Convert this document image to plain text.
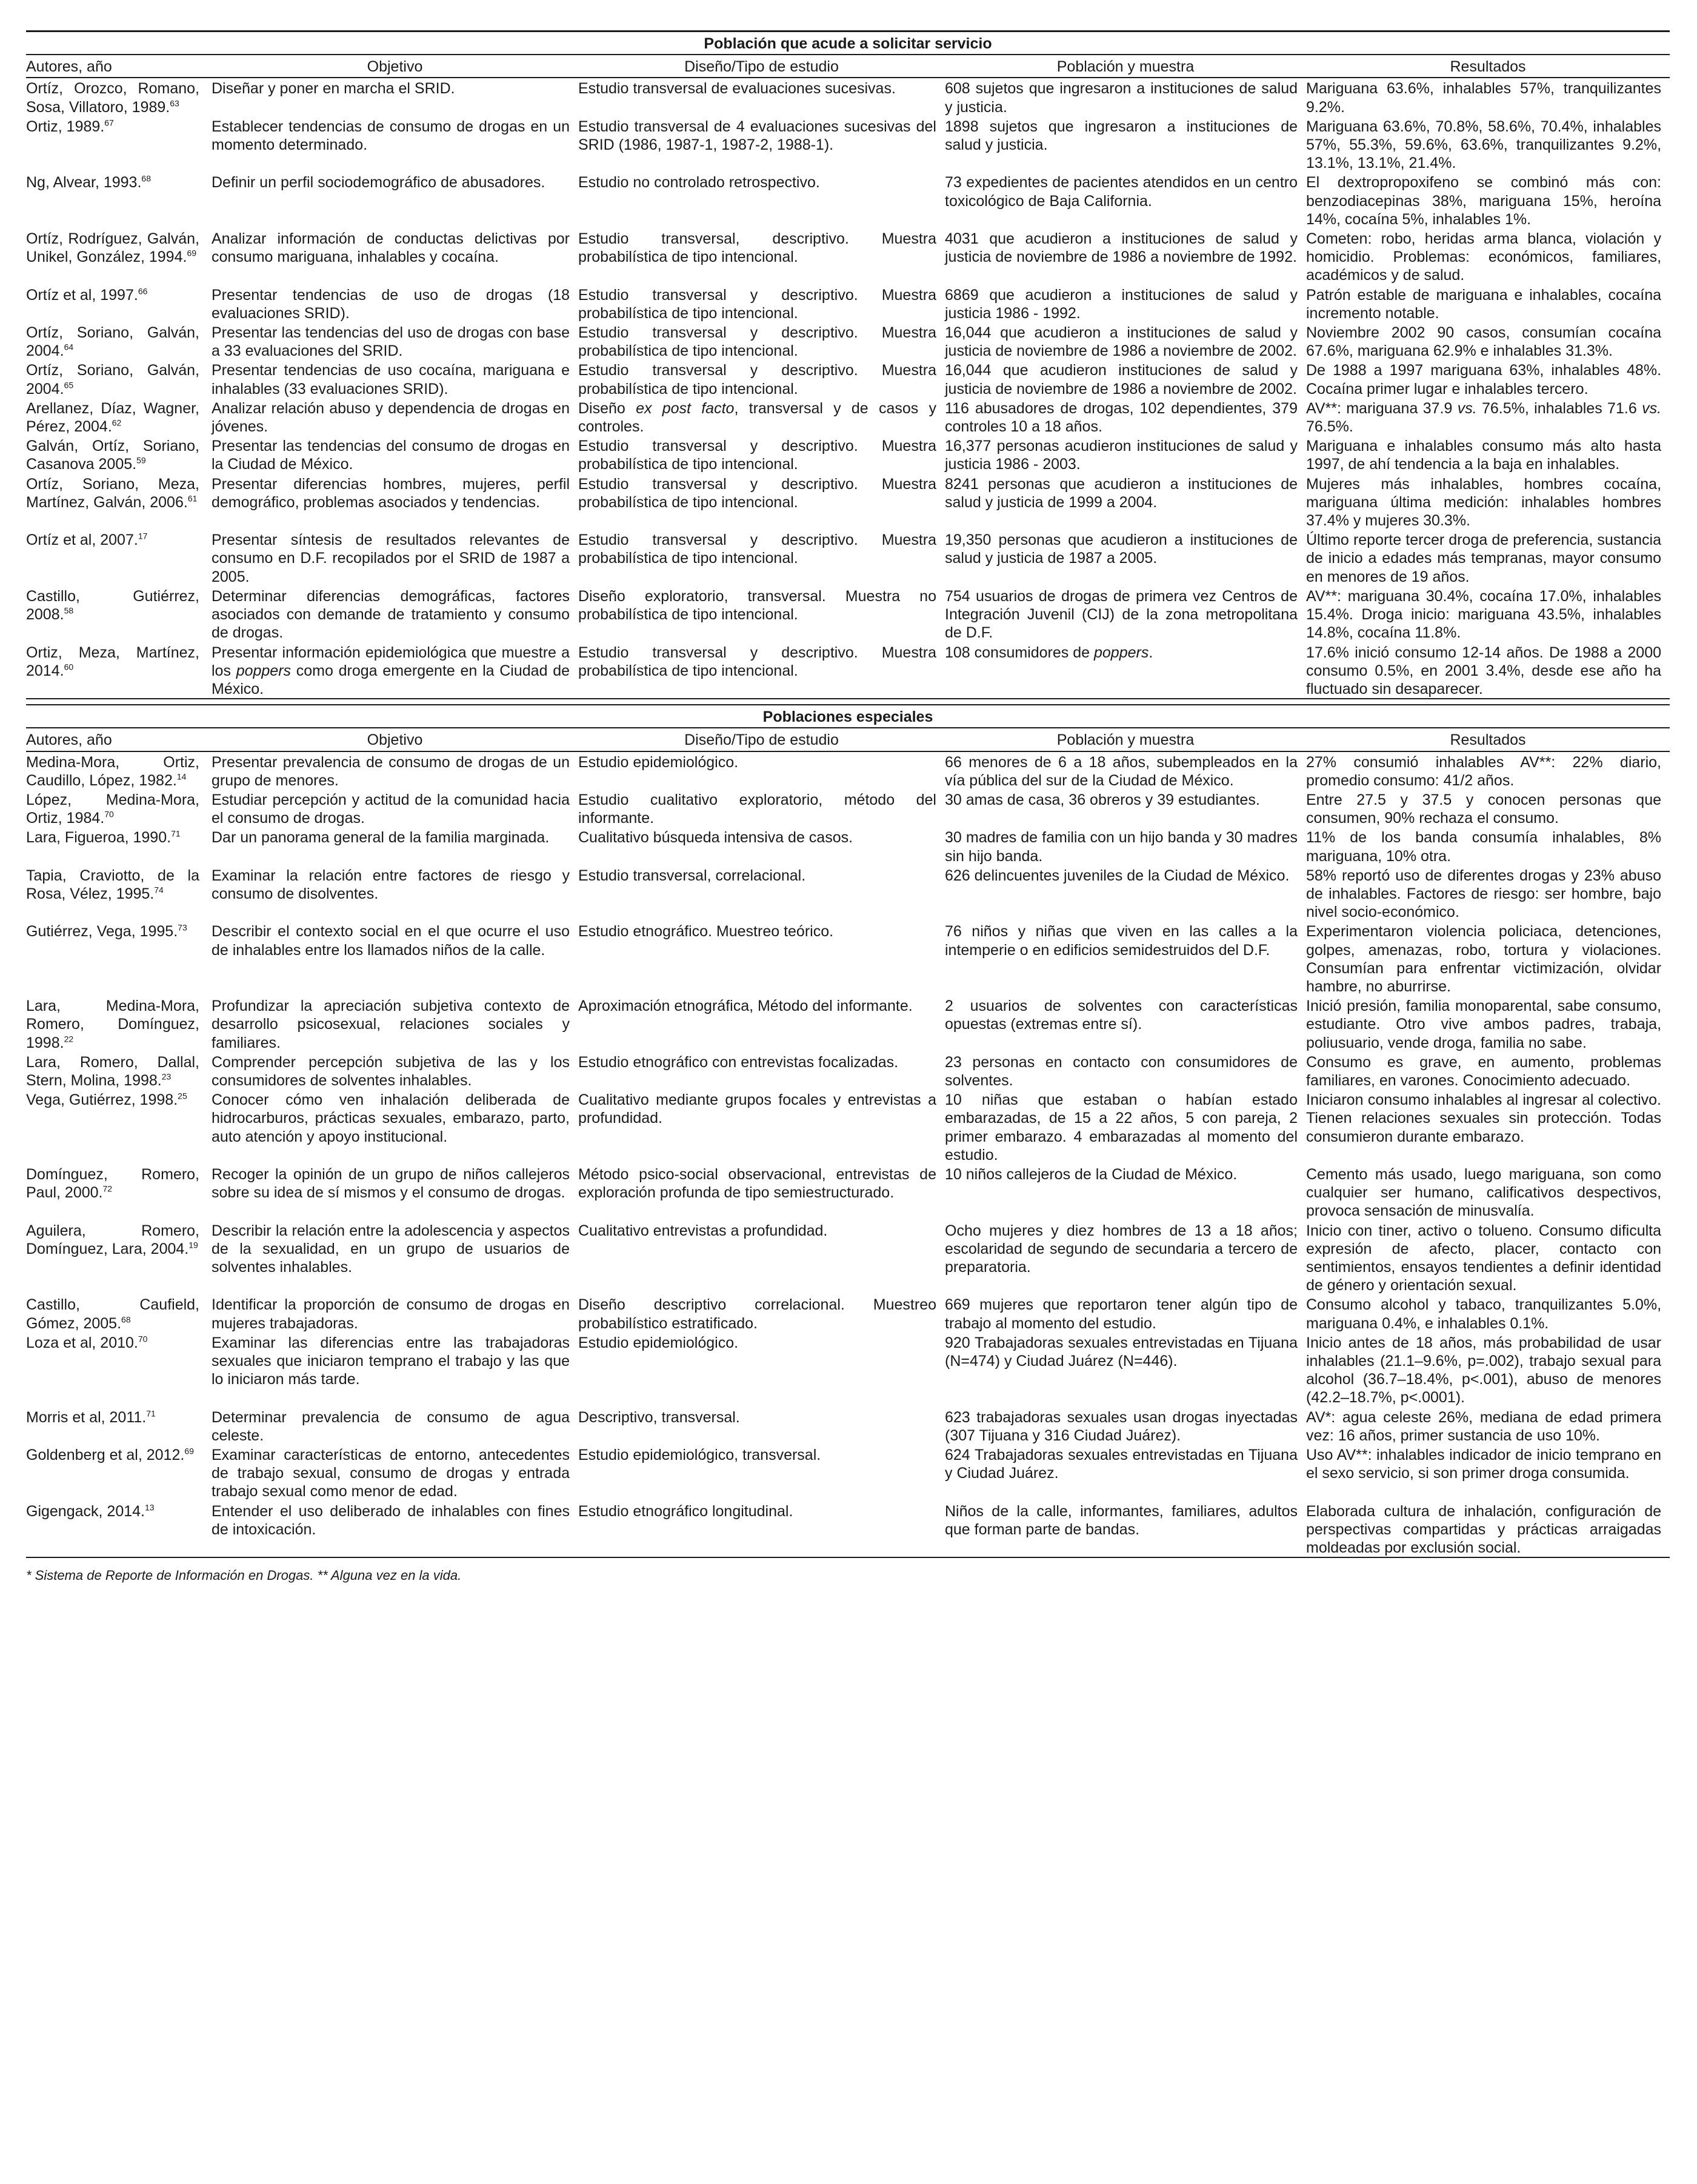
Población que acude a solicitar servicio				
Autores, año	Objetivo	Diseño/Tipo de estudio	Población y muestra	Resultados
Ortíz, Orozco, Romano, Sosa, Villatoro, 1989.63	Diseñar y poner en marcha el SRID.	Estudio transversal de evaluaciones sucesivas.	608 sujetos que ingresaron a instituciones de salud y justicia.	Mariguana 63.6%, inhalables 57%, tranquilizantes 9.2%.
Ortiz, 1989.67	Establecer tendencias de consumo de drogas en un momento determinado.	Estudio transversal de 4 evaluaciones sucesivas del SRID (1986, 1987-1, 1987-2, 1988-1).	1898 sujetos que ingresaron a instituciones de salud y justicia.	Mariguana 63.6%, 70.8%, 58.6%, 70.4%, inhalables 57%, 55.3%, 59.6%, 63.6%, tranquilizantes 9.2%, 13.1%, 13.1%, 21.4%.
Ng, Alvear, 1993.68	Definir un perfil sociodemográfico de abusadores.	Estudio no controlado retrospectivo.	73 expedientes de pacientes atendidos en un centro toxicológico de Baja California.	El dextropropoxifeno se combinó más con: benzodiacepinas 38%, mariguana 15%, heroína 14%, cocaína 5%, inhalables 1%.
Ortíz, Rodríguez, Galván, Unikel, González, 1994.69	Analizar información de conductas delictivas por consumo mariguana, inhalables y cocaína.	Estudio transversal, descriptivo. Muestra probabilística de tipo intencional.	4031 que acudieron a instituciones de salud y justicia de noviembre de 1986 a noviembre de 1992.	Cometen: robo, heridas arma blanca, violación y homicidio. Problemas: económicos, familiares, académicos y de salud.
Ortíz et al, 1997.66	Presentar tendencias de uso de drogas (18 evaluaciones SRID).	Estudio transversal y descriptivo. Muestra probabilística de tipo intencional.	6869 que acudieron a instituciones de salud y justicia 1986 - 1992.	Patrón estable de mariguana e inhalables, cocaína incremento notable.
Ortíz, Soriano, Galván, 2004.64	Presentar las tendencias del uso de drogas con base a 33 evaluaciones del SRID.	Estudio transversal y descriptivo. Muestra probabilística de tipo intencional.	16,044 que acudieron a instituciones de salud y justicia de noviembre de 1986 a noviembre de 2002.	Noviembre 2002 90 casos, consumían cocaína 67.6%, mariguana 62.9% e inhalables 31.3%.
Ortíz, Soriano, Galván, 2004.65	Presentar tendencias de uso cocaína, mariguana e inhalables (33 evaluaciones SRID).	Estudio transversal y descriptivo. Muestra probabilística de tipo intencional.	16,044 que acudieron instituciones de salud y justicia de noviembre de 1986 a noviembre de 2002.	De 1988 a 1997 mariguana 63%, inhalables 48%. Cocaína primer lugar e inhalables tercero.
Arellanez, Díaz, Wagner, Pérez, 2004.62	Analizar relación abuso y dependencia de drogas en jóvenes.	Diseño ex post facto, transversal y de casos y controles.	116 abusadores de drogas, 102 dependientes, 379 controles 10 a 18 años.	AV**: mariguana 37.9 vs. 76.5%, inhalables 71.6 vs. 76.5%.
Galván, Ortíz, Soriano, Casanova 2005.59	Presentar las tendencias del consumo de drogas en la Ciudad de México.	Estudio transversal y descriptivo. Muestra probabilística de tipo intencional.	16,377 personas acudieron instituciones de salud y justicia 1986 - 2003.	Mariguana e inhalables consumo más alto hasta 1997, de ahí tendencia a la baja en inhalables.
Ortíz, Soriano, Meza, Martínez, Galván, 2006.61	Presentar diferencias hombres, mujeres, perfil demográfico, problemas asociados y tendencias.	Estudio transversal y descriptivo. Muestra probabilística de tipo intencional.	8241 personas que acudieron a instituciones de salud y justicia de 1999 a 2004.	Mujeres más inhalables, hombres cocaína, mariguana última medición: inhalables hombres 37.4% y mujeres 30.3%.
Ortíz et al, 2007.17	Presentar síntesis de resultados relevantes de consumo en D.F. recopilados por el SRID de 1987 a 2005.	Estudio transversal y descriptivo. Muestra probabilística de tipo intencional.	19,350 personas que acudieron a instituciones de salud y justicia de 1987 a 2005.	Último reporte tercer droga de preferencia, sustancia de inicio a edades más tempranas, mayor consumo en menores de 19 años.
Castillo, Gutiérrez, 2008.58	Determinar diferencias demográficas, factores asociados con demande de tratamiento y consumo de drogas.	Diseño exploratorio, transversal. Muestra no probabilística de tipo intencional.	754 usuarios de drogas de primera vez Centros de Integración Juvenil (CIJ) de la zona metropolitana de D.F.	AV**: mariguana 30.4%, cocaína 17.0%, inhalables 15.4%. Droga inicio: mariguana 43.5%, inhalables 14.8%, cocaína 11.8%.
Ortiz, Meza, Martínez, 2014.60	Presentar información epidemiológica que muestre a los poppers como droga emergente en la Ciudad de México.	Estudio transversal y descriptivo. Muestra probabilística de tipo intencional.	108 consumidores de poppers.	17.6% inició consumo 12-14 años. De 1988 a 2000 consumo 0.5%, en 2001 3.4%, desde ese año ha fluctuado sin desaparecer.

Poblaciones especiales				
Autores, año	Objetivo	Diseño/Tipo de estudio	Población y muestra	Resultados
Medina-Mora, Ortiz, Caudillo, López, 1982.14	Presentar prevalencia de consumo de drogas de un grupo de menores.	Estudio epidemiológico.	66 menores de 6 a 18 años, subempleados en la vía pública del sur de la Ciudad de México.	27% consumió inhalables AV**: 22% diario, promedio consumo: 41/2 años.
López, Medina-Mora, Ortiz, 1984.70	Estudiar percepción y actitud de la comunidad hacia el consumo de drogas.	Estudio cualitativo exploratorio, método del informante.	30 amas de casa, 36 obreros y 39 estudiantes.	Entre 27.5 y 37.5 y conocen personas que consumen, 90% rechaza el consumo.
Lara, Figueroa, 1990.71	Dar un panorama general de la familia marginada.	Cualitativo búsqueda intensiva de casos.	30 madres de familia con un hijo banda y 30 madres sin hijo banda.	11% de los banda consumía inhalables, 8% mariguana, 10% otra.
Tapia, Craviotto, de la Rosa, Vélez, 1995.74	Examinar la relación entre factores de riesgo y consumo de disolventes.	Estudio transversal, correlacional.	626 delincuentes juveniles de la Ciudad de México.	58% reportó uso de diferentes drogas y 23% abuso de inhalables. Factores de riesgo: ser hombre, bajo nivel socio-económico.
Gutiérrez, Vega, 1995.73	Describir el contexto social en el que ocurre el uso de inhalables entre los llamados niños de la calle.	Estudio etnográfico. Muestreo teórico.	76 niños y niñas que viven en las calles a la intemperie o en edificios semidestruidos del D.F.	Experimentaron violencia policiaca, detenciones, golpes, amenazas, robo, tortura y violaciones. Consumían para enfrentar victimización, olvidar hambre, no aburrirse.
Lara, Medina-Mora, Romero, Domínguez, 1998.22	Profundizar la apreciación subjetiva contexto de desarrollo psicosexual, relaciones sociales y familiares.	Aproximación etnográfica, Método del informante.	2 usuarios de solventes con características opuestas (extremas entre sí).	Inició presión, familia monoparental, sabe consumo, estudiante. Otro vive ambos padres, trabaja, poliusuario, vende droga, familia no sabe.
Lara, Romero, Dallal, Stern, Molina, 1998.23	Comprender percepción subjetiva de las y los consumidores de solventes inhalables.	Estudio etnográfico con entrevistas focalizadas.	23 personas en contacto con consumidores de solventes.	Consumo es grave, en aumento, problemas familiares, en varones. Conocimiento adecuado.
Vega, Gutiérrez, 1998.25	Conocer cómo ven inhalación deliberada de hidrocarburos, prácticas sexuales, embarazo, parto, auto atención y apoyo institucional.	Cualitativo mediante grupos focales y entrevistas a profundidad.	10 niñas que estaban o habían estado embarazadas, de 15 a 22 años, 5 con pareja, 2 primer embarazo. 4 embarazadas al momento del estudio.	Iniciaron consumo inhalables al ingresar al colectivo. Tienen relaciones sexuales sin protección. Todas consumieron durante embarazo.
Domínguez, Romero, Paul, 2000.72	Recoger la opinión de un grupo de niños callejeros sobre su idea de sí mismos y el consumo de drogas.	Método psico-social observacional, entrevistas de exploración profunda de tipo semiestructurado.	10 niños callejeros de la Ciudad de México.	Cemento más usado, luego mariguana, son como cualquier ser humano, calificativos despectivos, provoca sensación de minusvalía.
Aguilera, Romero, Domínguez, Lara, 2004.19	Describir la relación entre la adolescencia y aspectos de la sexualidad, en un grupo de usuarios de solventes inhalables.	Cualitativo entrevistas a profundidad.	Ocho mujeres y diez hombres de 13 a 18 años; escolaridad de segundo de secundaria a tercero de preparatoria.	Inicio con tiner, activo o tolueno. Consumo dificulta expresión de afecto, placer, contacto con sentimientos, ensayos tendientes a definir identidad de género y orientación sexual.
Castillo, Caufield, Gómez, 2005.68	Identificar la proporción de consumo de drogas en mujeres trabajadoras.	Diseño descriptivo correlacional. Muestreo probabilístico estratificado.	669 mujeres que reportaron tener algún tipo de trabajo al momento del estudio.	Consumo alcohol y tabaco, tranquilizantes 5.0%, mariguana 0.4%, e inhalables 0.1%.
Loza et al, 2010.70	Examinar las diferencias entre las trabajadoras sexuales que iniciaron temprano el trabajo y las que lo iniciaron más tarde.	Estudio epidemiológico.	920 Trabajadoras sexuales entrevistadas en Tijuana (N=474) y Ciudad Juárez (N=446).	Inicio antes de 18 años, más probabilidad de usar inhalables (21.1–9.6%, p=.002), trabajo sexual para alcohol (36.7–18.4%, p<.001), abuso de menores (42.2–18.7%, p<.0001).
Morris et al, 2011.71	Determinar prevalencia de consumo de agua celeste.	Descriptivo, transversal.	623 trabajadoras sexuales usan drogas inyectadas (307 Tijuana y 316 Ciudad Juárez).	AV*: agua celeste 26%, mediana de edad primera vez: 16 años, primer sustancia de uso 10%.
Goldenberg et al, 2012.69	Examinar características de entorno, antecedentes de trabajo sexual, consumo de drogas y entrada trabajo sexual como menor de edad.	Estudio epidemiológico, transversal.	624 Trabajadoras sexuales entrevistadas en Tijuana y Ciudad Juárez.	Uso AV**: inhalables indicador de inicio temprano en el sexo servicio, si son primer droga consumida.
Gigengack, 2014.13	Entender el uso deliberado de inhalables con fines de intoxicación.	Estudio etnográfico longitudinal.	Niños de la calle, informantes, familiares, adultos que forman parte de bandas.	Elaborada cultura de inhalación, configuración de perspectivas compartidas y prácticas arraigadas moldeadas por exclusión social.
* Sistema de Reporte de Información en Drogas. ** Alguna vez en la vida.
